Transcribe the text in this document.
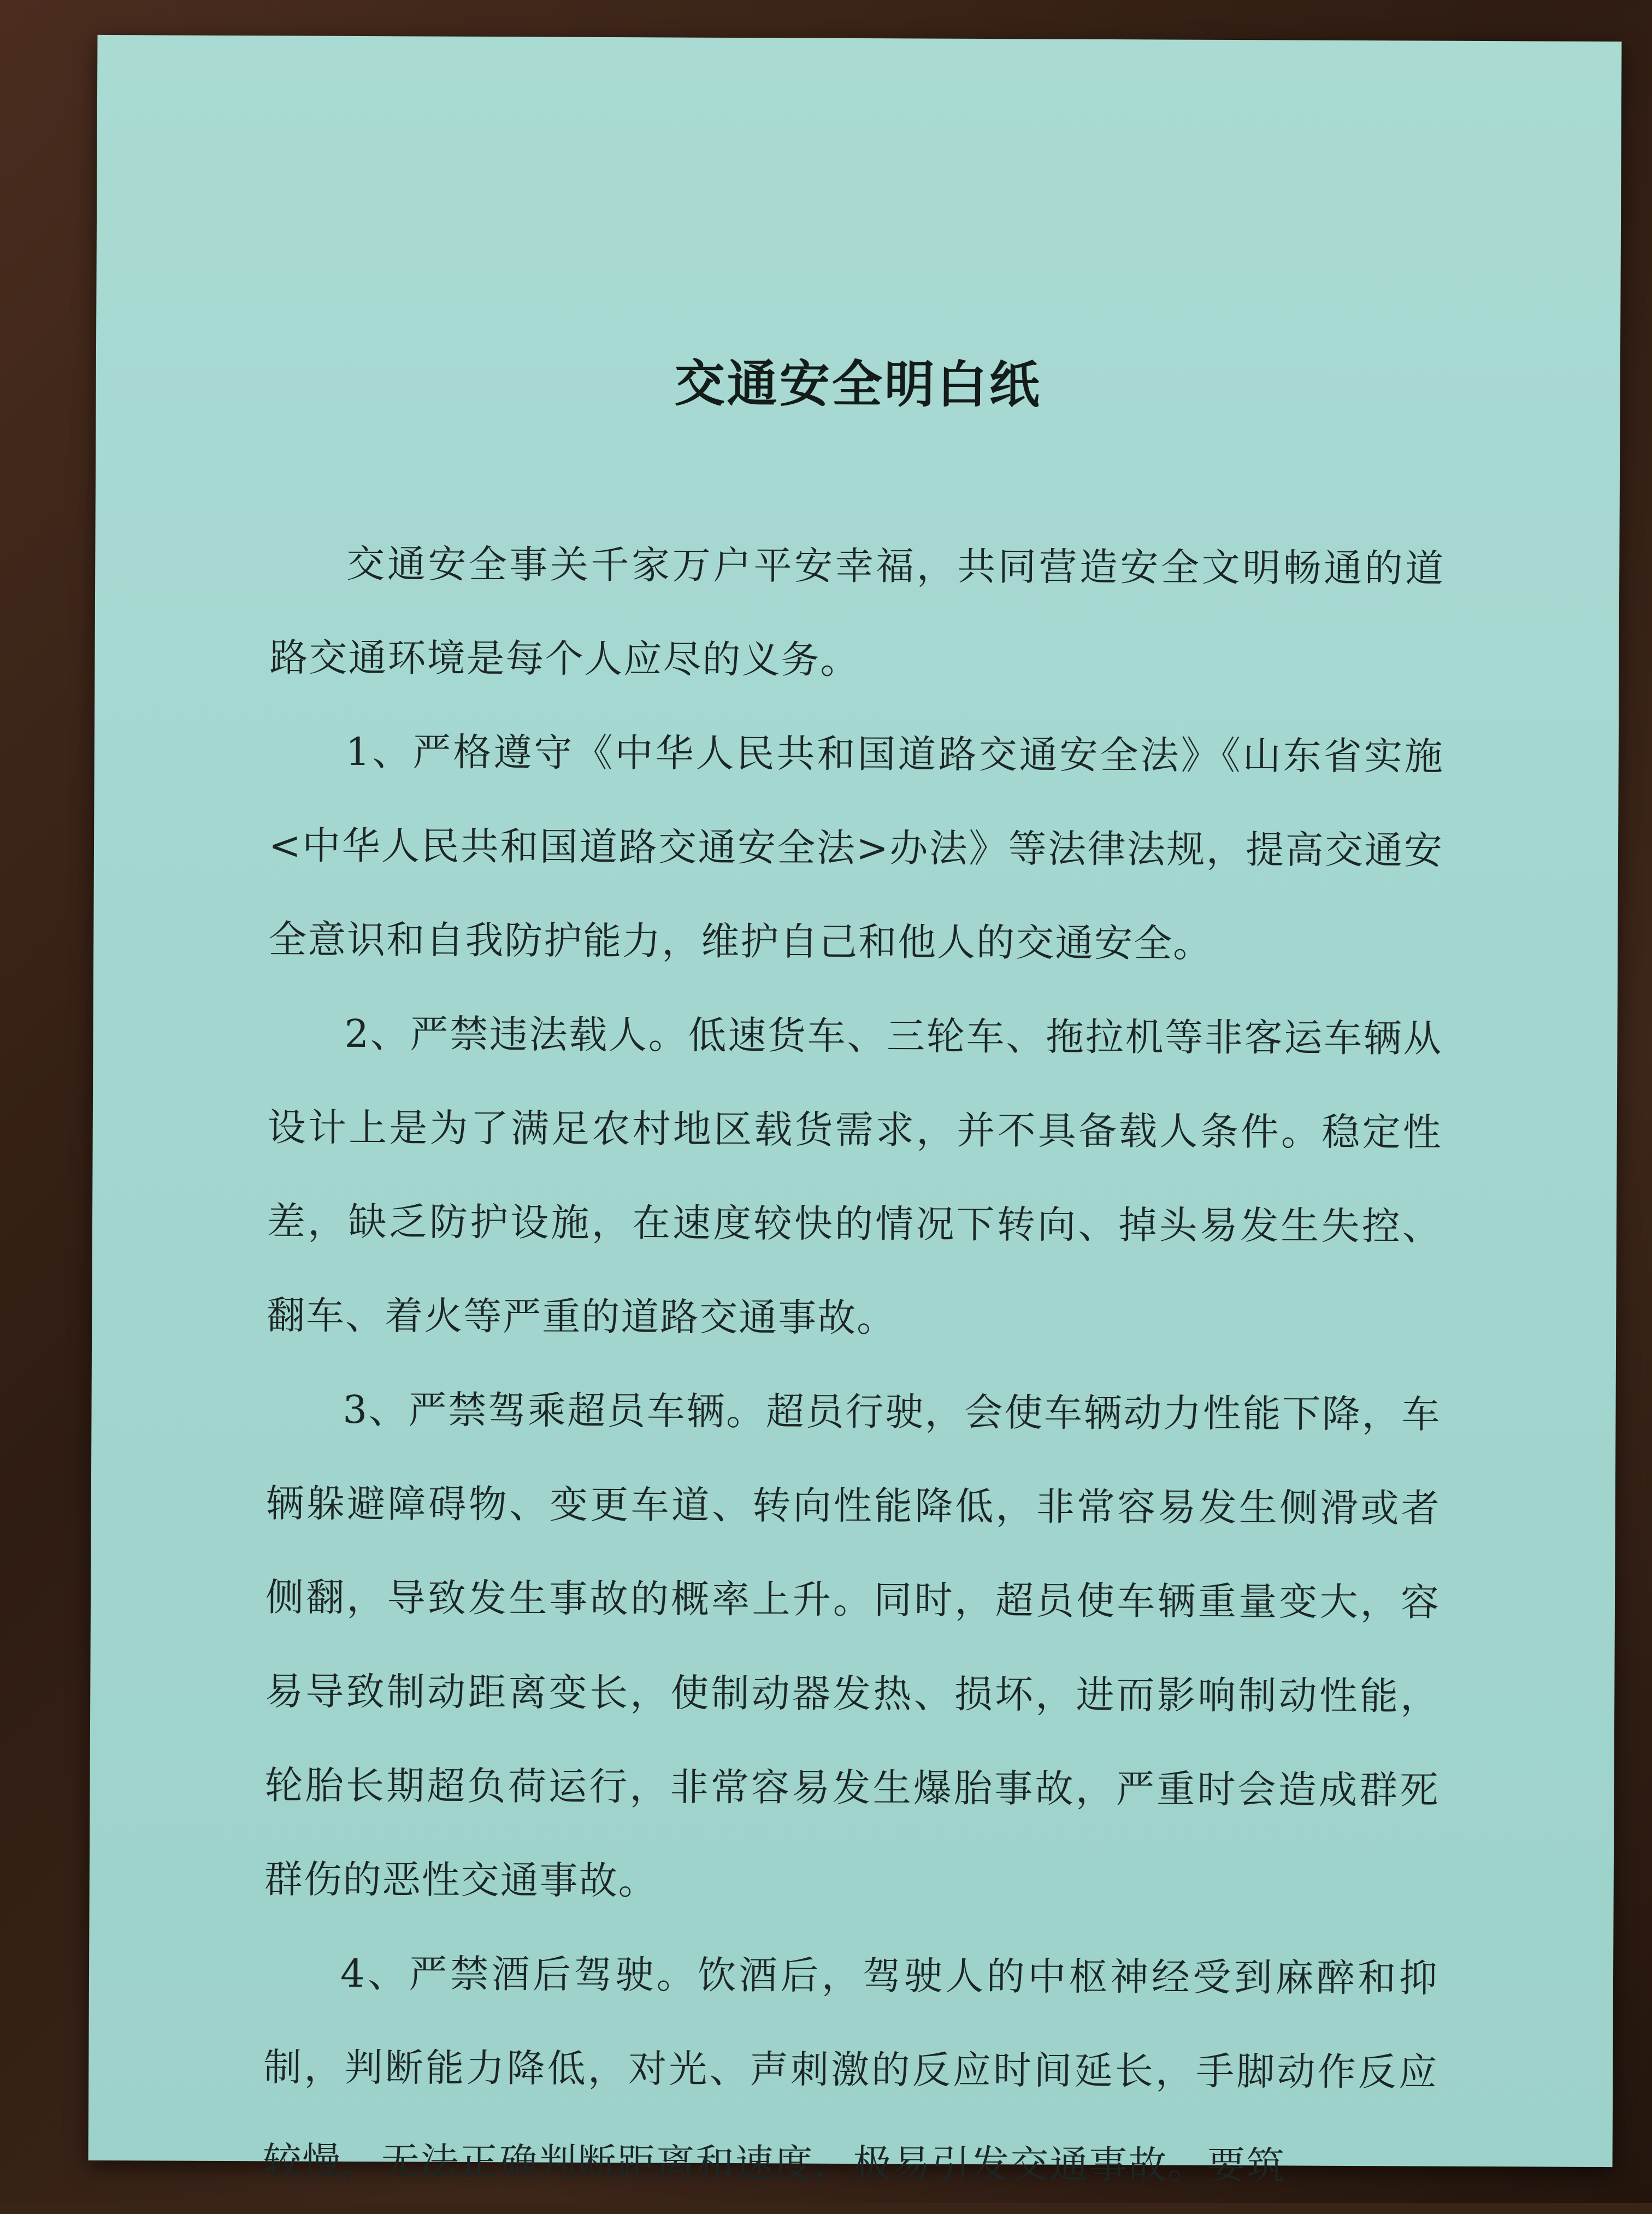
交通安全明白纸

交通安全事关千家万户平安幸福，共同营造安全文明畅通的道路交通环境是每个人应尽的义务。

1、严格遵守《中华人民共和国道路交通安全法》《山东省实施<中华人民共和国道路交通安全法>办法》等法律法规，提高交通安全意识和自我防护能力，维护自己和他人的交通安全。

2、严禁违法载人。低速货车、三轮车、拖拉机等非客运车辆从设计上是为了满足农村地区载货需求，并不具备载人条件。稳定性差，缺乏防护设施，在速度较快的情况下转向、掉头易发生失控、翻车、着火等严重的道路交通事故。

3、严禁驾乘超员车辆。超员行驶，会使车辆动力性能下降，车辆躲避障碍物、变更车道、转向性能降低，非常容易发生侧滑或者侧翻，导致发生事故的概率上升。同时，超员使车辆重量变大，容易导致制动距离变长，使制动器发热、损坏，进而影响制动性能，轮胎长期超负荷运行，非常容易发生爆胎事故，严重时会造成群死群伤的恶性交通事故。

4、严禁酒后驾驶。饮酒后，驾驶人的中枢神经受到麻醉和抑制，判断能力降低，对光、声刺激的反应时间延长，手脚动作反应较慢，无法正确判断距离和速度，极易引发交通事故。要筑
